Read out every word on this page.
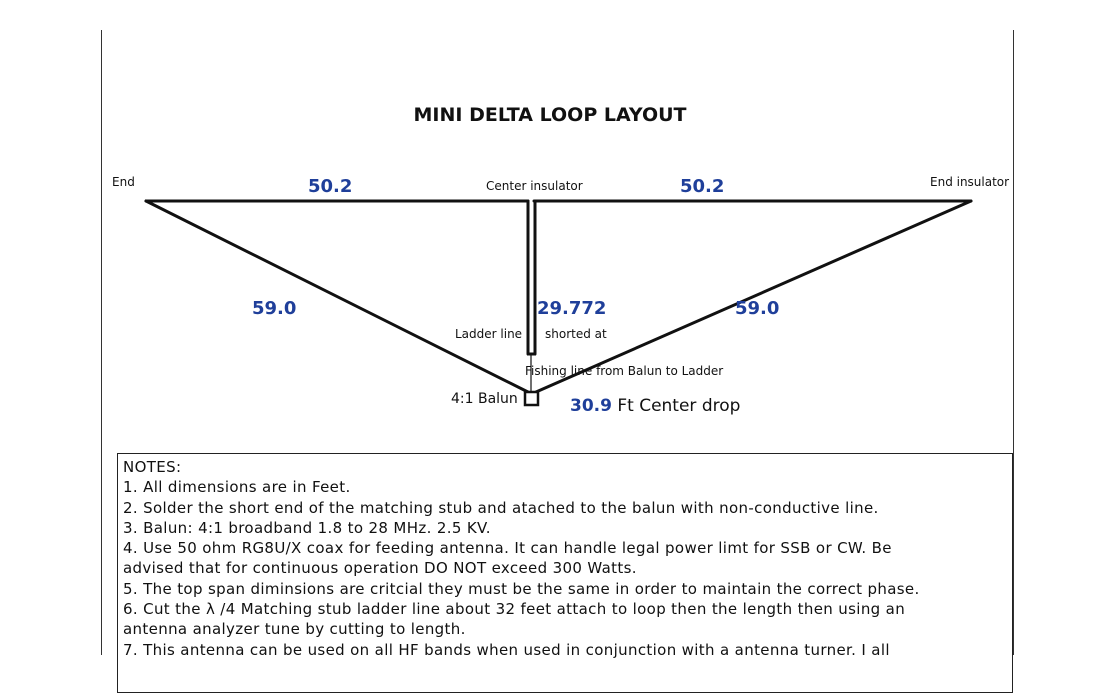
MINI DELTA LOOP LAYOUT
End	Center insulator	End insulator
50.2	50.2
59.0	59.0
29.772
Ladder line shorted at
Fishing line from Balun to Ladder
4:1 Balun	30.9 Ft Center drop
NOTES:
1. All dimensions are in Feet.
2. Solder the short end of the matching stub and atached to the balun with non-conductive line.
3. Balun: 4:1 broadband 1.8 to 28 MHz. 2.5 KV.
4. Use 50 ohm RG8U/X coax for feeding antenna. It can handle legal power limt for SSB or CW. Be
advised that for continuous operation DO NOT exceed 300 Watts.
5. The top span diminsions are critcial they must be the same in order to maintain the correct phase.
6. Cut the λ /4 Matching stub ladder line about 32 feet attach to loop then the length then using an
antenna analyzer tune by cutting to length.
7. This antenna can be used on all HF bands when used in conjunction with a antenna turner. I all
